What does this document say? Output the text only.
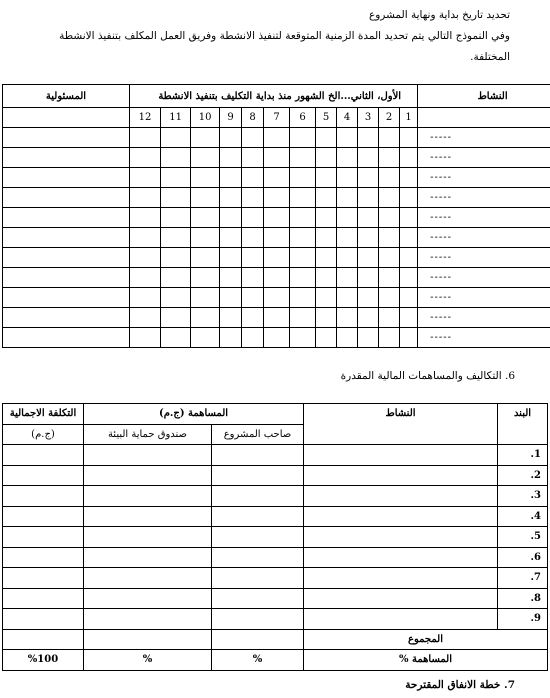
تحديد تاريخ بداية ونهاية المشروع

وفي النموذج التالي يتم تحديد المدة الزمنية المتوقعة لتنفيذ الانشطة وفريق العمل المكلف بتنفيذ الانشطة

المختلفة.

النشاط	الأول، الثاني...الخ الشهور منذ بداية التكليف بتنفيذ الانشطة												المسئولية
	1	2	3	4	5	6	7	8	9	10	11	12	
-----													
-----													
-----													
-----													
-----													
-----													
-----													
-----													
-----													
-----													
-----													

6. التكاليف والمساهمات المالية المقدرة

البند	النشاط	المساهمة (ج.م)		التكلفة الاجمالية
		صاحب المشروع	صندوق حماية البيئة	(ج.م)
1.				
2.				
3.				
4.				
5.				
6.				
7.				
8.				
9.				
المجموع				
المساهمة %		%	%	%100

7. خطة الانفاق المقترحة
